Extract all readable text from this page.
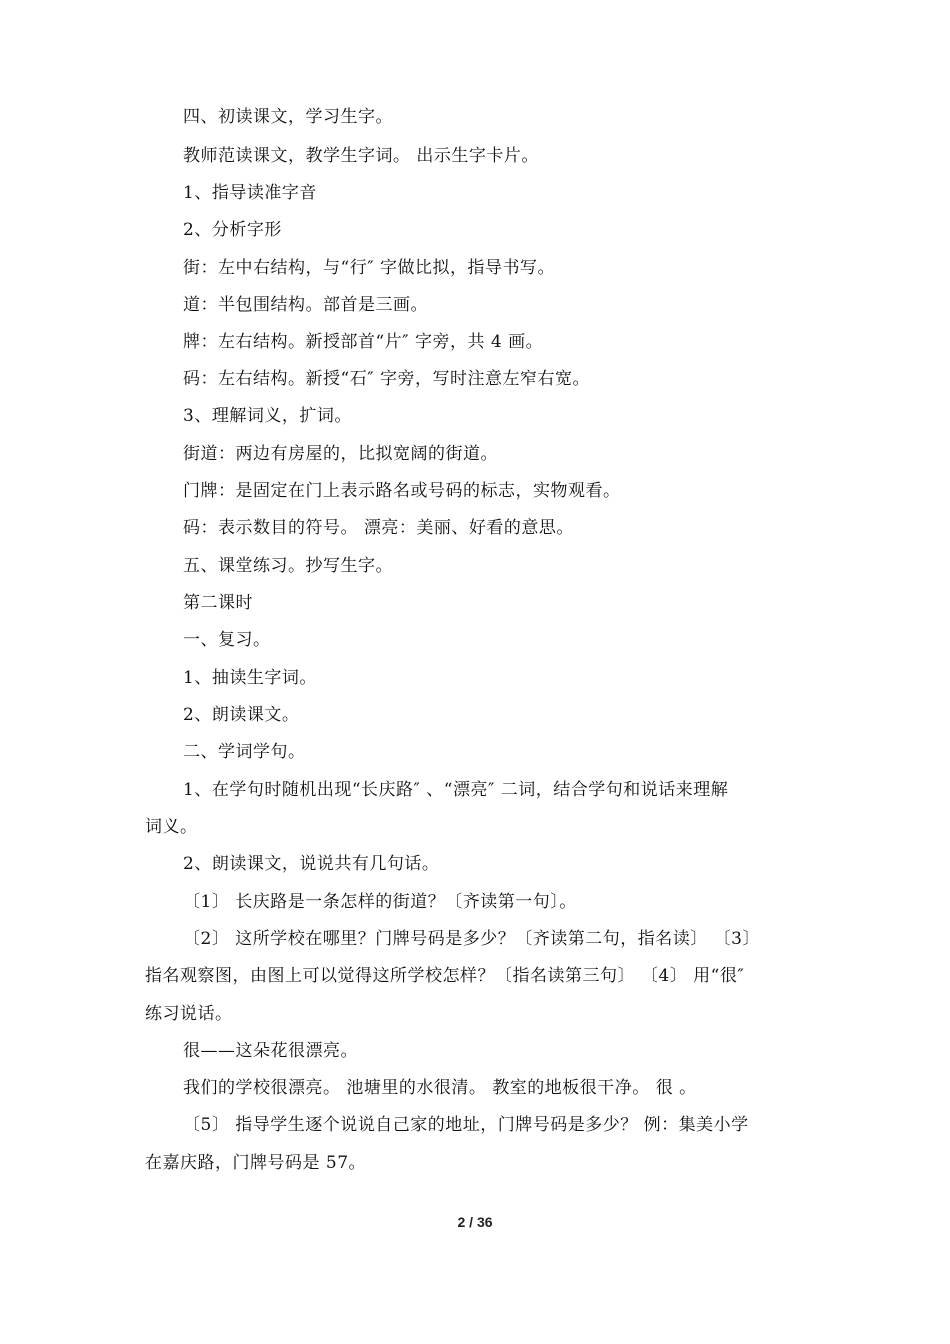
四、初读课文，学习生字。
教师范读课文，教学生字词。 出示生字卡片。
1、指导读准字音
2、分析字形
街：左中右结构，与“行″ 字做比拟，指导书写。
道：半包围结构。部首是三画。
牌：左右结构。新授部首“片″ 字旁，共 4 画。
码：左右结构。新授“石″ 字旁，写时注意左窄右宽。
3、理解词义，扩词。
街道：两边有房屋的，比拟宽阔的街道。
门牌：是固定在门上表示路名或号码的标志，实物观看。
码：表示数目的符号。 漂亮：美丽、好看的意思。
五、课堂练习。抄写生字。
第二课时
一、复习。
1、抽读生字词。
2、朗读课文。
二、学词学句。
1、在学句时随机出现“长庆路″ 、“漂亮″ 二词，结合学句和说话来理解
词义。
2、朗读课文，说说共有几句话。
〔1〕 长庆路是一条怎样的街道？〔齐读第一句〕。
〔2〕 这所学校在哪里？门牌号码是多少？〔齐读第二句，指名读〕 〔3〕
指名观察图，由图上可以觉得这所学校怎样？〔指名读第三句〕 〔4〕 用“很″
练习说话。
很——这朵花很漂亮。
我们的学校很漂亮。 池塘里的水很清。 教室的地板很干净。 很 。
〔5〕 指导学生逐个说说自己家的地址，门牌号码是多少？ 例：集美小学
在嘉庆路，门牌号码是 57。
2 / 36
